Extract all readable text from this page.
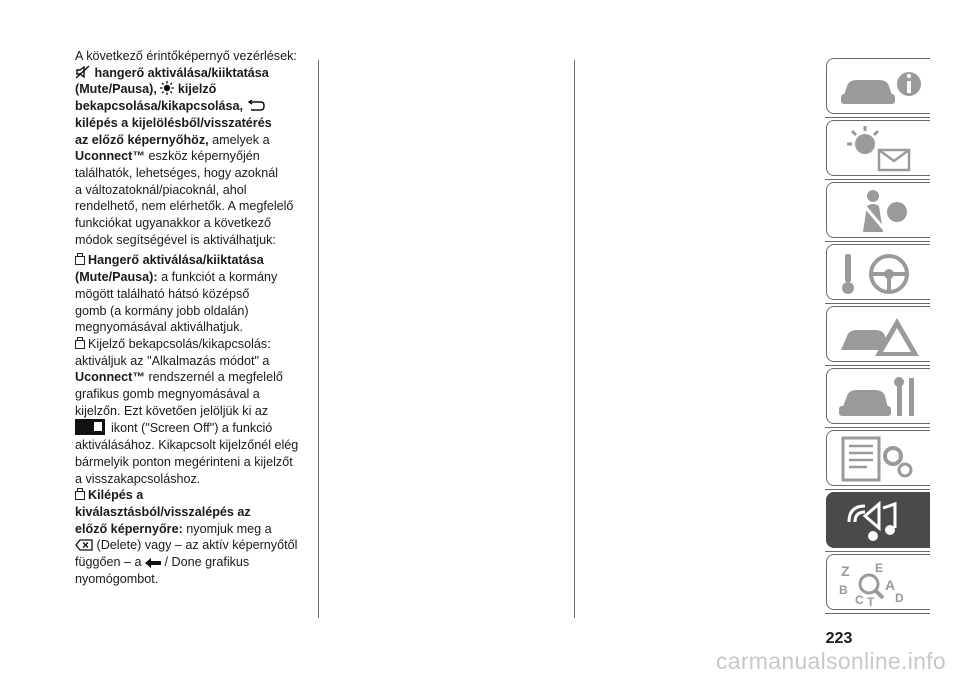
A következő érintőképernyő vezérlések:

hangerő aktiválása/kiiktatása

(Mute/Pausa), kijelző

bekapcsolása/kikapcsolása,

kilépés a kijelölésből/visszatérés

az előző képernyőhöz, amelyek a

Uconnect™ eszköz képernyőjén

találhatók, lehetséges, hogy azoknál

a változatoknál/piacoknál, ahol

rendelhető, nem elérhetők. A megfelelő

funkciókat ugyanakkor a következő

módok segítségével is aktiválhatjuk:

Hangerő aktiválása/kiiktatása

(Mute/Pausa): a funkciót a kormány

mögött található hátsó középső

gomb (a kormány jobb oldalán)

megnyomásával aktiválhatjuk.

Kijelző bekapcsolás/kikapcsolás:

aktiváljuk az "Alkalmazás módot" a

Uconnect™ rendszernél a megfelelő

grafikus gomb megnyomásával a

kijelzőn. Ezt követően jelöljük ki az

ikont ("Screen Off") a funkció

aktiválásához. Kikapcsolt kijelzőnél elég

bármelyik ponton megérinteni a kijelzőt

a visszakapcsoláshoz.

Kilépés a

kiválasztásból/visszalépés az

előző képernyőre: nyomjuk meg a

(Delete) vagy – az aktív képernyőtől

függően – a / Done grafikus

nyomógombot.	Z E
B	A
C T D
223
carmanualsonline.info
